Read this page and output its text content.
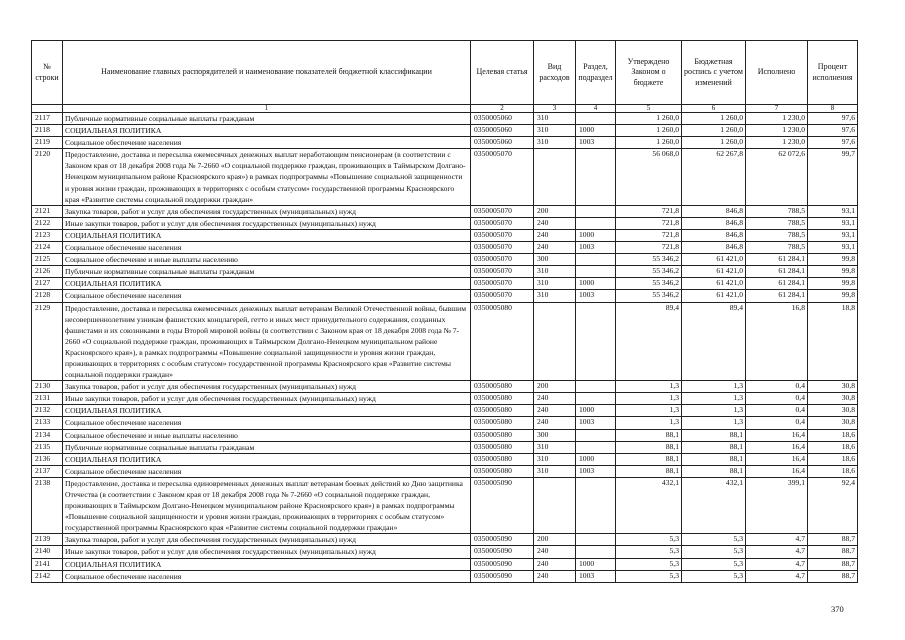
№ строки	Наименование главных распорядителей и наименование показателей бюджетной классификации	Целевая статья	Вид расходов	Раздел, подраздел	Утверждено Законом о бюджете	Бюджетная роспись с учетом изменений	Исполнено	Процент исполнения
	1	2	3	4	5	6	7	8
2117	Публичные нормативные социальные выплаты гражданам	0350005060	310		1 260,0	1 260,0	1 230,0	97,6
2118	СОЦИАЛЬНАЯ ПОЛИТИКА	0350005060	310	1000	1 260,0	1 260,0	1 230,0	97,6
2119	Социальное обеспечение населения	0350005060	310	1003	1 260,0	1 260,0	1 230,0	97,6
2120	Предоставление, доставка и пересылка ежемесячных денежных выплат неработающим пенсионерам (в соответствии с Законом края от 18 декабря 2008 года № 7-2660 «О социальной поддержке граждан, проживающих в Таймырском Долгано-Ненецком муниципальном районе Красноярского края») в рамках подпрограммы «Повышение социальной защищенности и уровня жизни граждан, проживающих в территориях с особым статусом» государственной программы Красноярского края «Развитие системы социальной поддержки граждан»	0350005070			56 068,0	62 267,8	62 072,6	99,7
2121	Закупка товаров, работ и услуг для обеспечения государственных (муниципальных) нужд	0350005070	200		721,8	846,8	788,5	93,1
2122	Иные закупки товаров, работ и услуг для обеспечения государственных (муниципальных) нужд	0350005070	240		721,8	846,8	788,5	93,1
2123	СОЦИАЛЬНАЯ ПОЛИТИКА	0350005070	240	1000	721,8	846,8	788,5	93,1
2124	Социальное обеспечение населения	0350005070	240	1003	721,8	846,8	788,5	93,1
2125	Социальное обеспечение и иные выплаты населению	0350005070	300		55 346,2	61 421,0	61 284,1	99,8
2126	Публичные нормативные социальные выплаты гражданам	0350005070	310		55 346,2	61 421,0	61 284,1	99,8
2127	СОЦИАЛЬНАЯ ПОЛИТИКА	0350005070	310	1000	55 346,2	61 421,0	61 284,1	99,8
2128	Социальное обеспечение населения	0350005070	310	1003	55 346,2	61 421,0	61 284,1	99,8
2129	Предоставление, доставка и пересылка ежемесячных денежных выплат ветеранам Великой Отечественной войны, бывшим несовершеннолетним узникам фашистских концлагерей, гетто и иных мест принудительного содержания, созданных фашистами и их союзниками в годы Второй мировой войны (в соответствии с Законом края от 18 декабря 2008 года № 7-2660 «О социальной поддержке граждан, проживающих в Таймырском Долгано-Ненецком муниципальном районе Красноярского края»), в рамках подпрограммы «Повышение социальной защищенности и уровня жизни граждан, проживающих в территориях с особым статусом» государственной программы Красноярского края «Развитие системы социальной поддержки граждан»	0350005080			89,4	89,4	16,8	18,8
2130	Закупка товаров, работ и услуг для обеспечения государственных (муниципальных) нужд	0350005080	200		1,3	1,3	0,4	30,8
2131	Иные закупки товаров, работ и услуг для обеспечения государственных (муниципальных) нужд	0350005080	240		1,3	1,3	0,4	30,8
2132	СОЦИАЛЬНАЯ ПОЛИТИКА	0350005080	240	1000	1,3	1,3	0,4	30,8
2133	Социальное обеспечение населения	0350005080	240	1003	1,3	1,3	0,4	30,8
2134	Социальное обеспечение и иные выплаты населению	0350005080	300		88,1	88,1	16,4	18,6
2135	Публичные нормативные социальные выплаты гражданам	0350005080	310		88,1	88,1	16,4	18,6
2136	СОЦИАЛЬНАЯ ПОЛИТИКА	0350005080	310	1000	88,1	88,1	16,4	18,6
2137	Социальное обеспечение населения	0350005080	310	1003	88,1	88,1	16,4	18,6
2138	Предоставление, доставка и пересылка единовременных денежных выплат ветеранам боевых действий ко Дню защитника Отечества (в соответствии с Законом края от 18 декабря 2008 года № 7-2660 «О социальной поддержке граждан, проживающих в Таймырском Долгано-Ненецком муниципальном районе Красноярского края») в рамках подпрограммы «Повышение социальной защищенности и уровня жизни граждан, проживающих в территориях с особым статусом» государственной программы Красноярского края «Развитие системы социальной поддержки граждан»	0350005090			432,1	432,1	399,1	92,4
2139	Закупка товаров, работ и услуг для обеспечения государственных (муниципальных) нужд	0350005090	200		5,3	5,3	4,7	88,7
2140	Иные закупки товаров, работ и услуг для обеспечения государственных (муниципальных) нужд	0350005090	240		5,3	5,3	4,7	88,7
2141	СОЦИАЛЬНАЯ ПОЛИТИКА	0350005090	240	1000	5,3	5,3	4,7	88,7
2142	Социальное обеспечение населения	0350005090	240	1003	5,3	5,3	4,7	88,7
370
